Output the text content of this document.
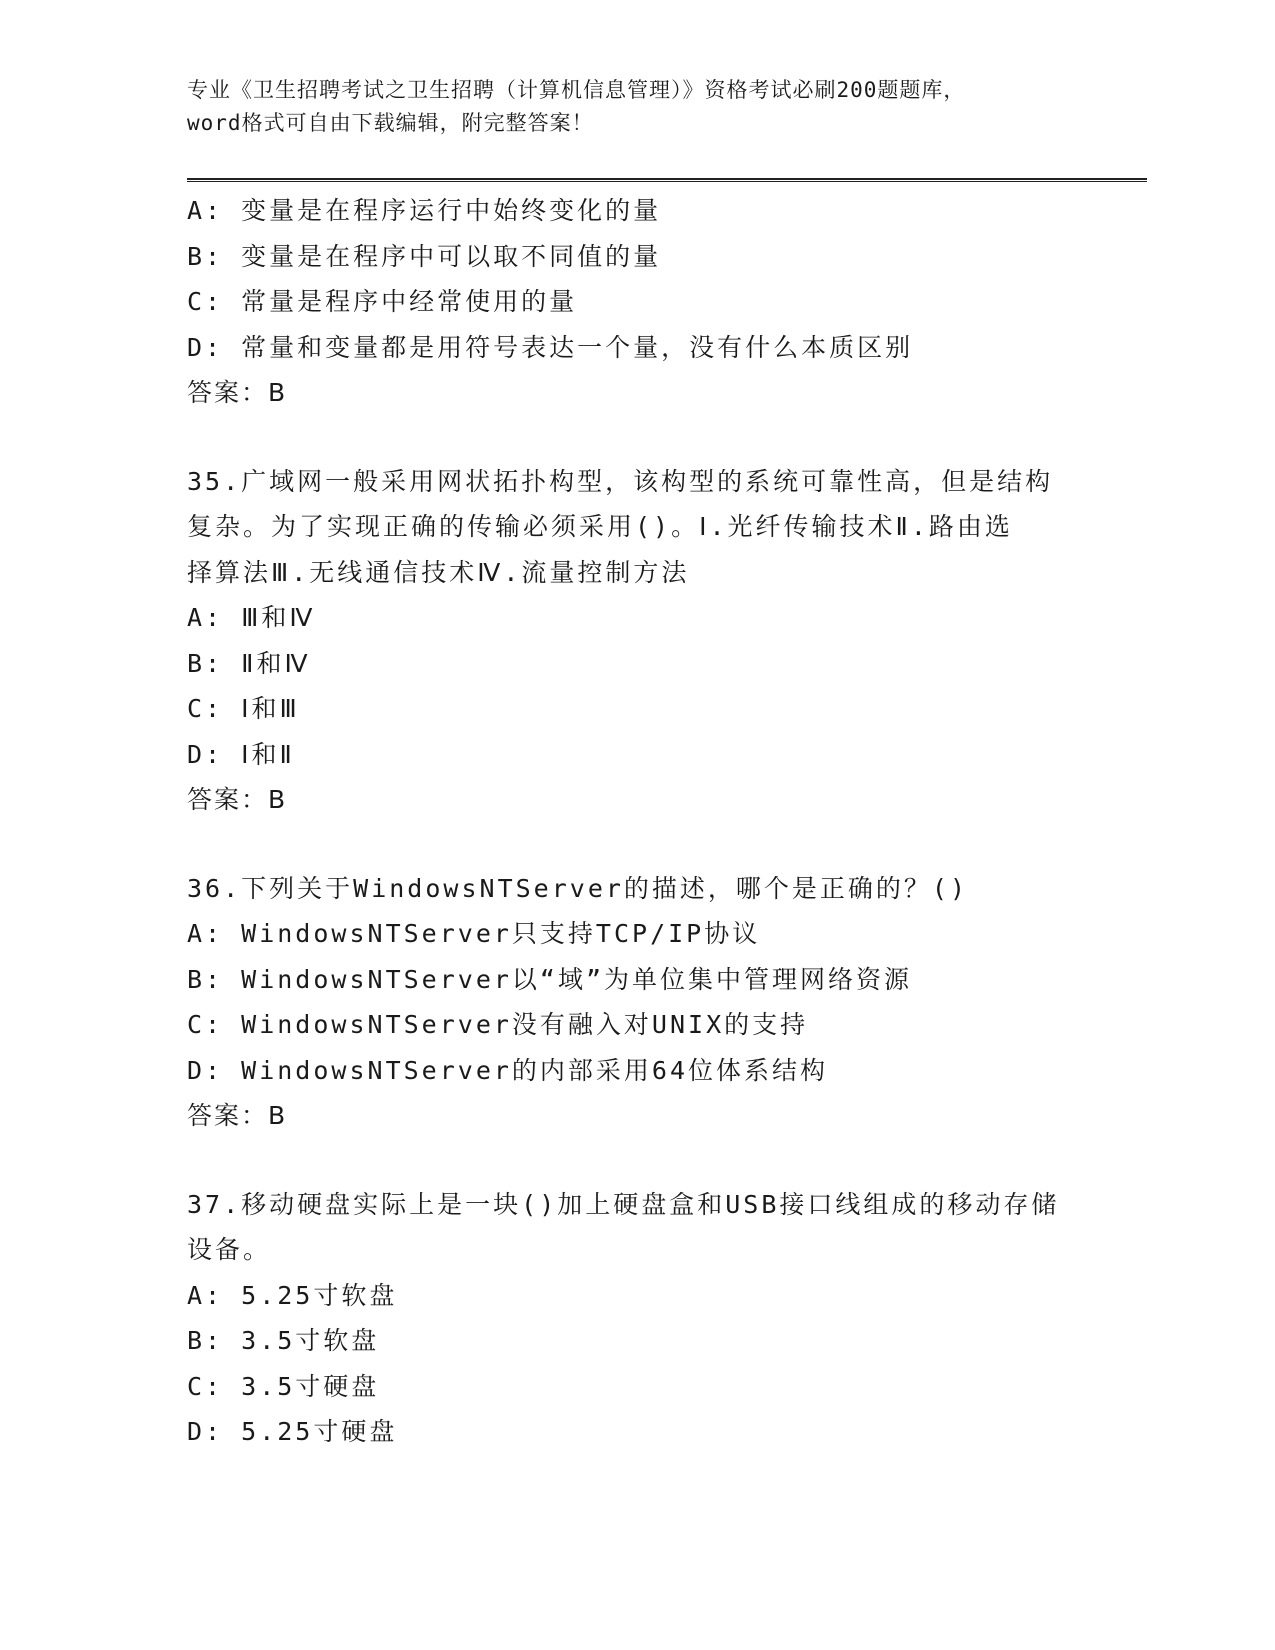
专业《卫生招聘考试之卫生招聘（计算机信息管理）》资格考试必刷200题题库，
word格式可自由下载编辑，附完整答案！
A: 变量是在程序运行中始终变化的量
B: 变量是在程序中可以取不同值的量
C: 常量是程序中经常使用的量
D: 常量和变量都是用符号表达一个量，没有什么本质区别
答案：B
35.广域网一般采用网状拓扑构型，该构型的系统可靠性高，但是结构
复杂。为了实现正确的传输必须采用()。Ⅰ.光纤传输技术Ⅱ.路由选
择算法Ⅲ.无线通信技术Ⅳ.流量控制方法
A: Ⅲ和Ⅳ
B: Ⅱ和Ⅳ
C: Ⅰ和Ⅲ
D: Ⅰ和Ⅱ
答案：B
36.下列关于WindowsNTServer的描述，哪个是正确的？()
A: WindowsNTServer只支持TCP/IP协议
B: WindowsNTServer以“域”为单位集中管理网络资源
C: WindowsNTServer没有融入对UNIX的支持
D: WindowsNTServer的内部采用64位体系结构
答案：B
37.移动硬盘实际上是一块()加上硬盘盒和USB接口线组成的移动存储
设备。
A: 5.25寸软盘
B: 3.5寸软盘
C: 3.5寸硬盘
D: 5.25寸硬盘
